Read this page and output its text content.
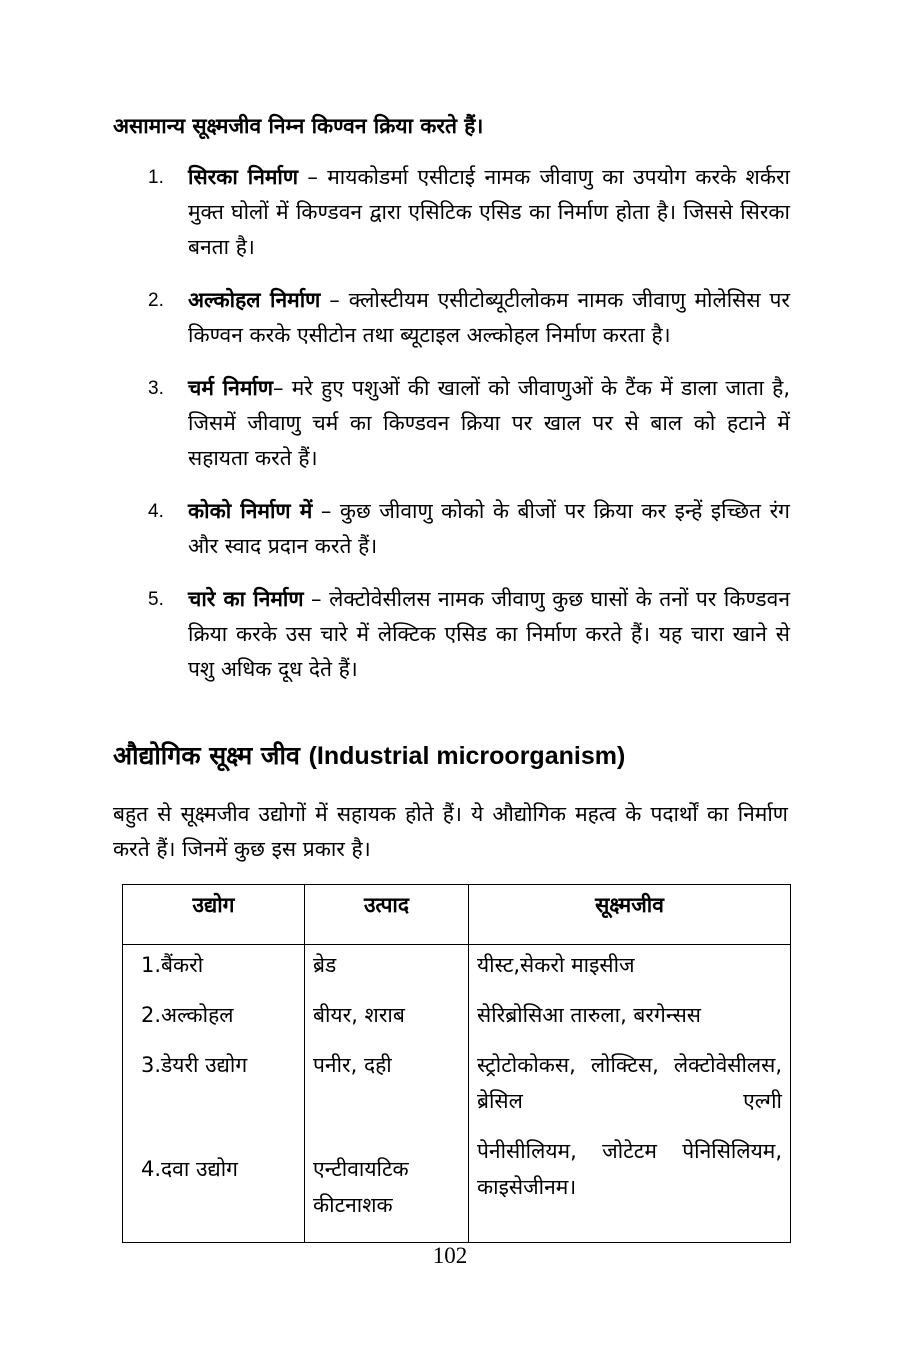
असामान्य सूक्ष्मजीव निम्न किण्वन क्रिया करते हैं।
1. सिरका निर्माण – मायकोडर्मा एसीटाई नामक जीवाणु का उपयोग करके शर्करा मुक्त घोलों में किण्डवन द्वारा एसिटिक एसिड का निर्माण होता है। जिससे सिरका बनता है।
2. अल्कोहल निर्माण – क्लोस्टीयम एसीटोब्यूटीलोकम नामक जीवाणु मोलेसिस पर किण्वन करके एसीटोन तथा ब्यूटाइल अल्कोहल निर्माण करता है।
3. चर्म निर्माण– मरे हुए पशुओं की खालों को जीवाणुओं के टैंक में डाला जाता है, जिसमें जीवाणु चर्म का किण्डवन क्रिया पर खाल पर से बाल को हटाने में सहायता करते हैं।
4. कोको निर्माण में – कुछ जीवाणु कोको के बीजों पर क्रिया कर इन्हें इच्छित रंग और स्वाद प्रदान करते हैं।
5. चारे का निर्माण – लेक्टोवेसीलस नामक जीवाणु कुछ घासों के तनों पर किण्डवन क्रिया करके उस चारे में लेक्टिक एसिड का निर्माण करते हैं। यह चारा खाने से पशु अधिक दूध देते हैं।
औद्योगिक सूक्ष्म जीव (Industrial microorganism)

बहुत से सूक्ष्मजीव उद्योगों में सहायक होते हैं। ये औद्योगिक महत्व के पदार्थों का निर्माण करते हैं। जिनमें कुछ इस प्रकार है।

उद्योग	उत्पाद	सूक्ष्मजीव
1.बैंकरो	ब्रेड	यीस्ट,सेकरो माइसीज
2.अल्कोहल	बीयर, शराब	सेरिब्रोसिआ तारुला, बरगेन्सस
3.डेयरी उद्योग	पनीर, दही	स्ट्रोटोकोकस, लोक्टिस, लेक्टोवेसीलस, ब्रेसिल एल्गी
4.दवा उद्योग	एन्टीवायटिक कीटनाशक	पेनीसीलियम, जोटेटम पेनिसिलियम, काइसेजीनम।
102
